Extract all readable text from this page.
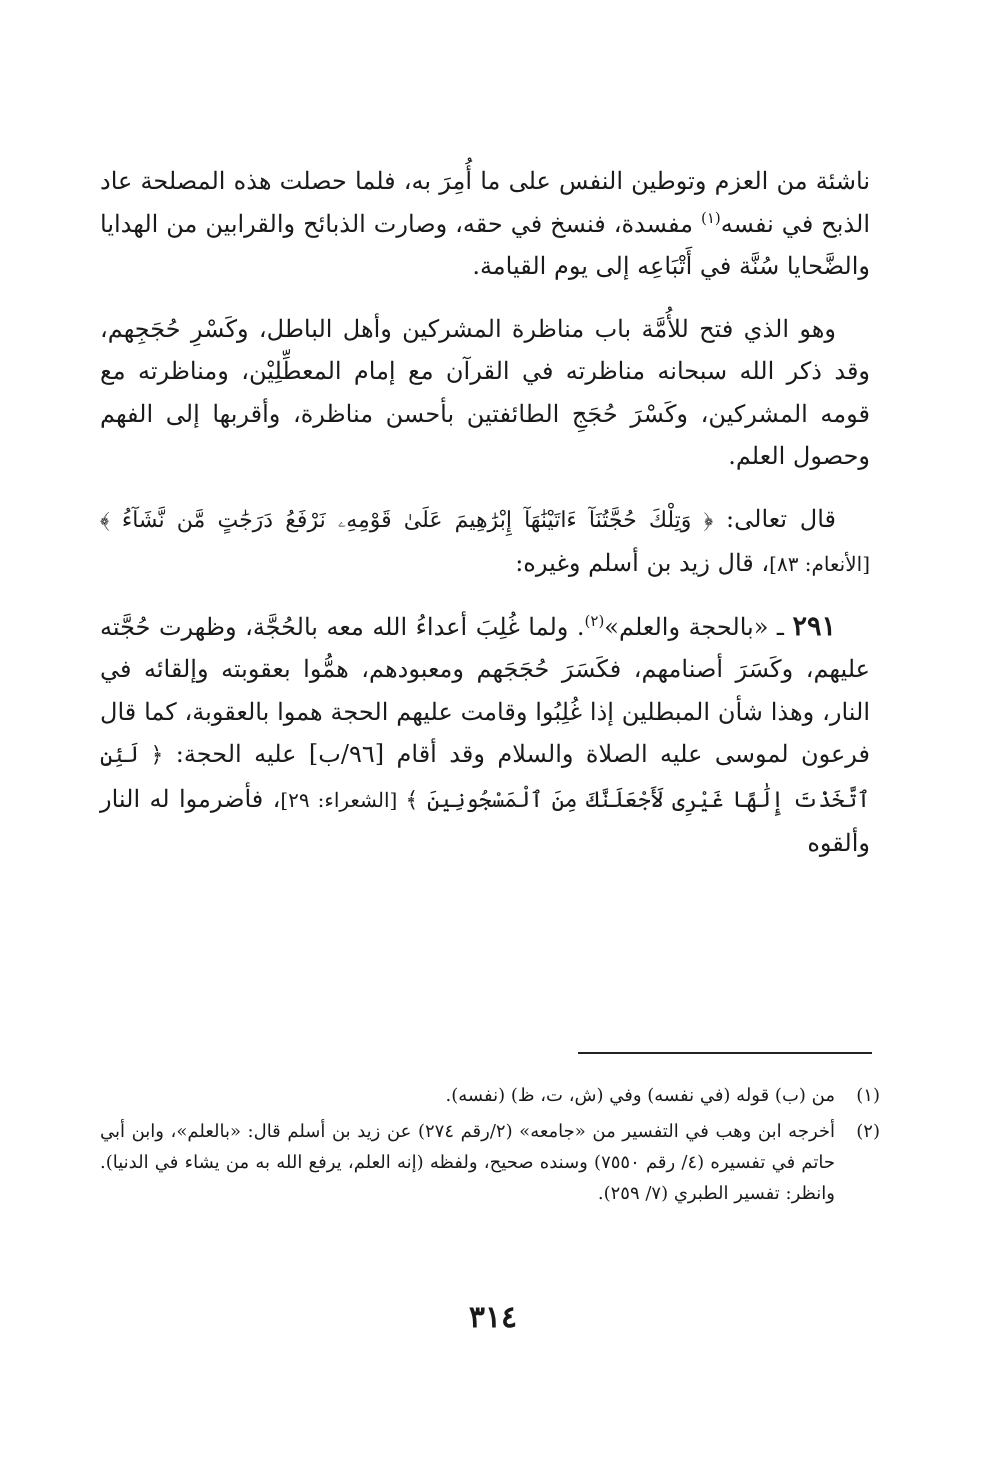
ناشئة من العزم وتوطين النفس على ما أُمِرَ به، فلما حصلت هذه المصلحة عاد الذبح في نفسه$^{(١)}$ مفسدة، فنسخ في حقه، وصارت الذبائح والقرابين من الهدايا والضَّحايا سُنَّة في أَتْبَاعِه إلى يوم القيامة.

وهو الذي فتح للأُمَّة باب مناظرة المشركين وأهل الباطل، وكَسْرِ حُجَجِهم، وقد ذكر الله سبحانه مناظرته في القرآن مع إمام المعطِّلِيْن، ومناظرته مع قومه المشركين، وكَسْرَ حُجَجِ الطائفتين بأحسن مناظرة، وأقربها إلى الفهم وحصول العلم.

قال تعالى: ﴿ وَتِلْكَ حُجَّتُنَآ ءَاتَيْنَٰهَآ إِبْرَٰهِيمَ عَلَىٰ قَوْمِهِۦ نَرْفَعُ دَرَجَٰتٍ مَّن نَّشَآءُ ﴾ [الأنعام: ٨٣]، قال زيد بن أسلم وغيره:

٢٩١ ـ «بالحجة والعلم»$^{(٢)}$. ولما غُلِبَ أعداءُ الله معه بالحُجَّة، وظهرت حُجَّته عليهم، وكَسَرَ أصنامهم، فكَسَرَ حُجَجَهم ومعبودهم، همُّوا بعقوبته وإلقائه في النار، وهذا شأن المبطلين إذا غُلِبُوا وقامت عليهم الحجة هموا بالعقوبة، كما قال فرعون لموسى عليه الصلاة والسلام وقد أقام [٩٦/ب] عليه الحجة: ﴿ لَئِنِ ٱتَّخَذْتَ إِلَٰهًا غَيْرِى لَأَجْعَلَنَّكَ مِنَ ٱلْمَسْجُونِينَ ﴾ [الشعراء: ٢٩]، فأضرموا له النار وألقوه

(١)
من (ب) قوله (في نفسه) وفي (ش، ت، ظ) (نفسه).
(٢)
أخرجه ابن وهب في التفسير من «جامعه» (٢/رقم ٢٧٤) عن زيد بن أسلم قال: «بالعلم»، وابن أبي حاتم في تفسيره (٤/ رقم ٧٥٥٠) وسنده صحيح، ولفظه (إنه العلم، يرفع الله به من يشاء في الدنيا). وانظر: تفسير الطبري (٧/ ٢٥٩).
٣١٤
